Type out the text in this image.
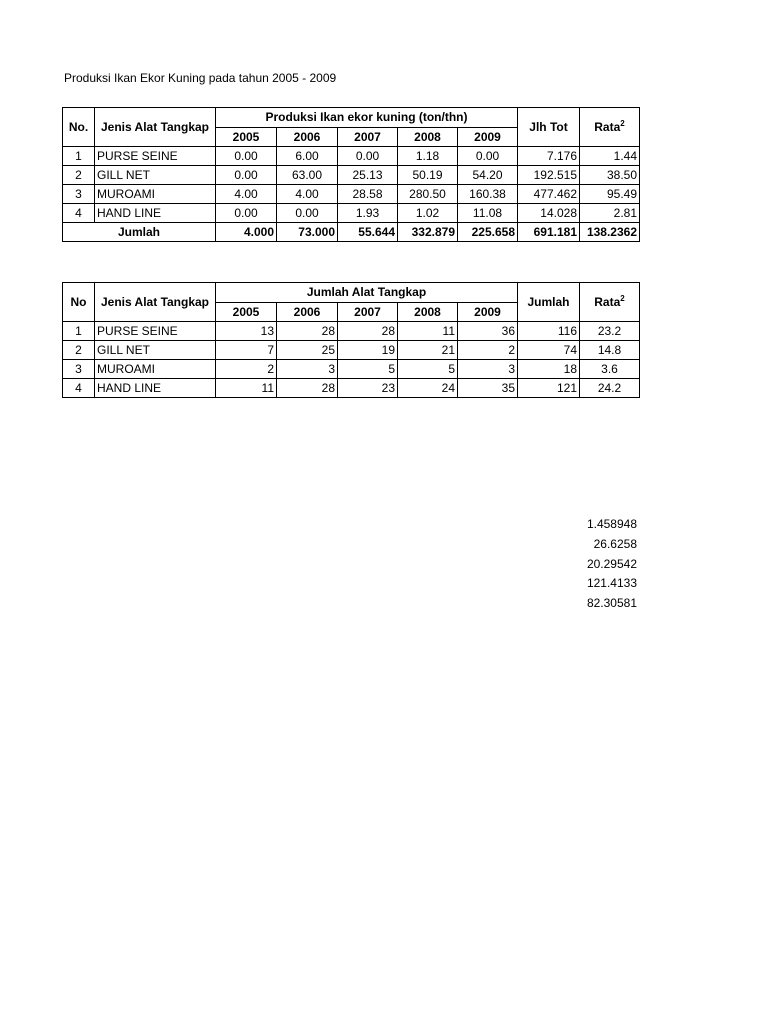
Produksi Ikan Ekor Kuning pada tahun 2005 - 2009
No.	Jenis Alat Tangkap	Produksi Ikan ekor kuning (ton/thn)					Jlh Tot	Rata$^2$
		2005	2006	2007	2008	2009		
1	PURSE SEINE	0.00	6.00	0.00	1.18	0.00	7.176	1.44
2	GILL NET	0.00	63.00	25.13	50.19	54.20	192.515	38.50
3	MUROAMI	4.00	4.00	28.58	280.50	160.38	477.462	95.49
4	HAND LINE	0.00	0.00	1.93	1.02	11.08	14.028	2.81
Jumlah		4.000	73.000	55.644	332.879	225.658	691.181	138.2362
No	Jenis Alat Tangkap	Jumlah Alat Tangkap					Jumlah	Rata$^2$
		2005	2006	2007	2008	2009		
1	PURSE SEINE	13	28	28	11	36	116	23.2
2	GILL NET	7	25	19	21	2	74	14.8
3	MUROAMI	2	3	5	5	3	18	3.6
4	HAND LINE	11	28	23	24	35	121	24.2
1.458948
26.6258
20.29542
121.4133
82.30581
